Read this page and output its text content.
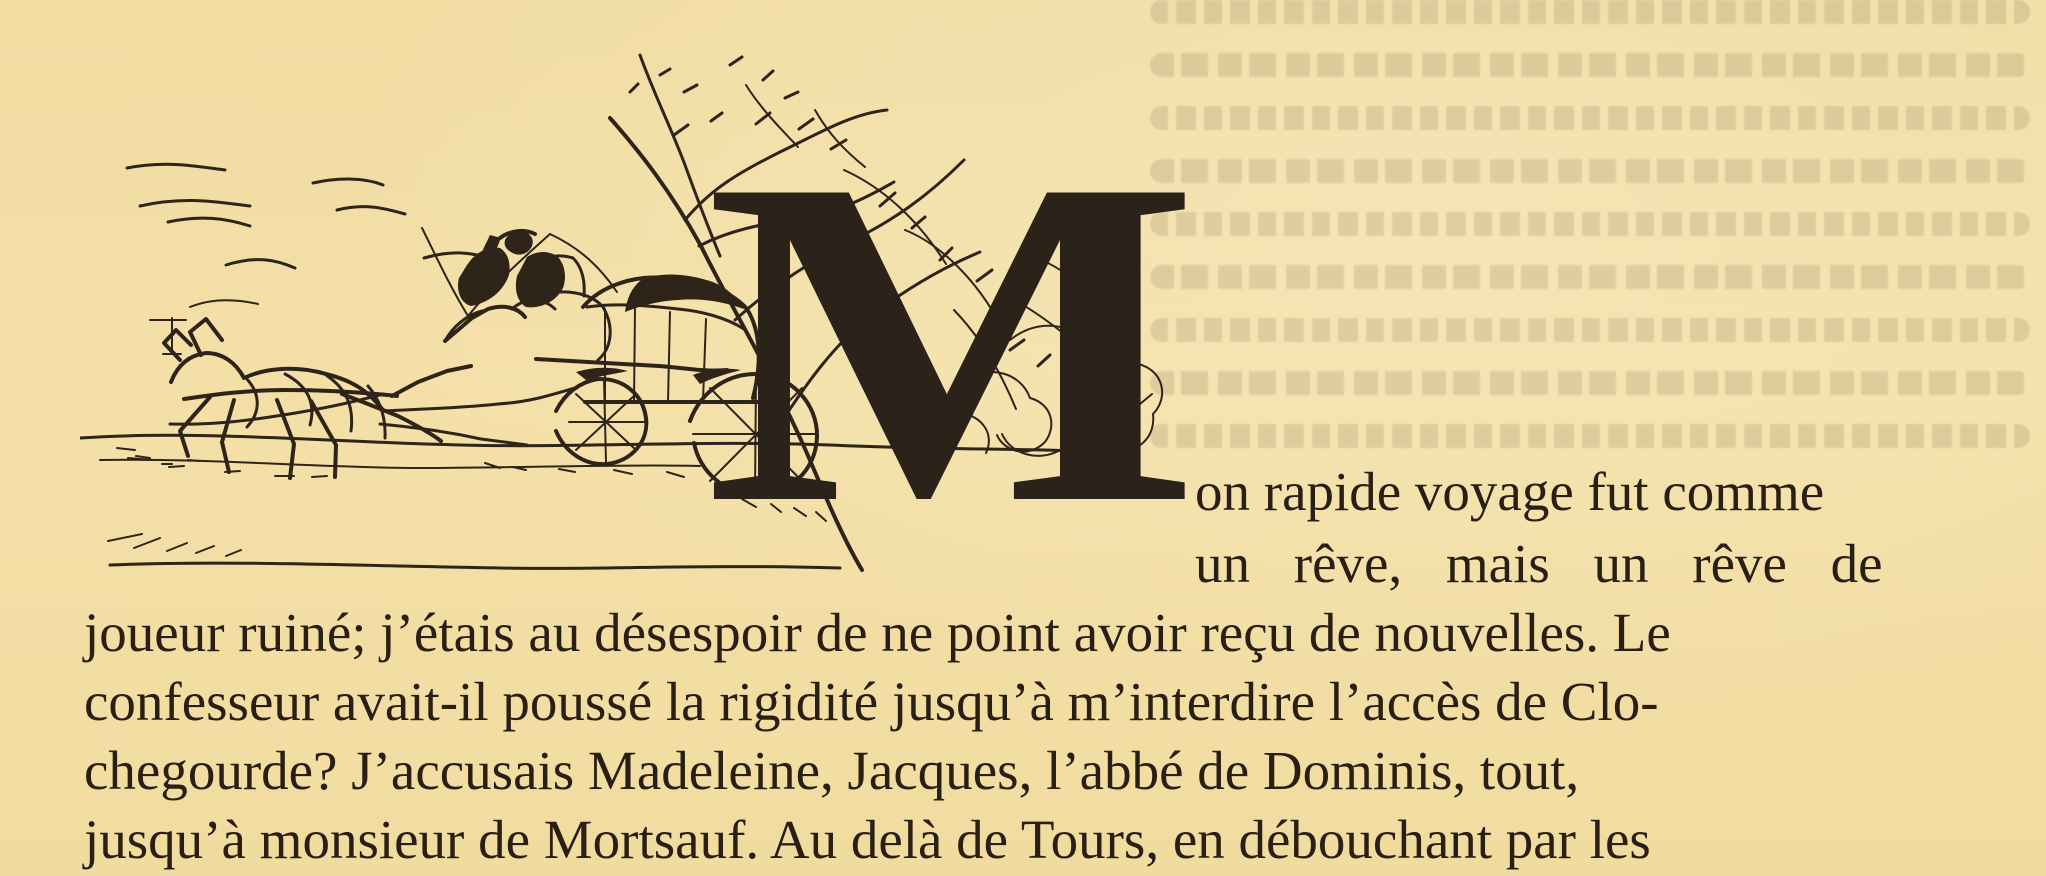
M on rapide voyage fut comme
un rêve, mais un rêve de
joueur ruiné; j’étais au désespoir de ne point avoir reçu de nouvelles. Le
confesseur avait-il poussé la rigidité jusqu’à m’interdire l’accès de Clo-
chegourde? J’accusais Madeleine, Jacques, l’abbé de Dominis, tout,
jusqu’à monsieur de Mortsauf. Au delà de Tours, en débouchant par les
